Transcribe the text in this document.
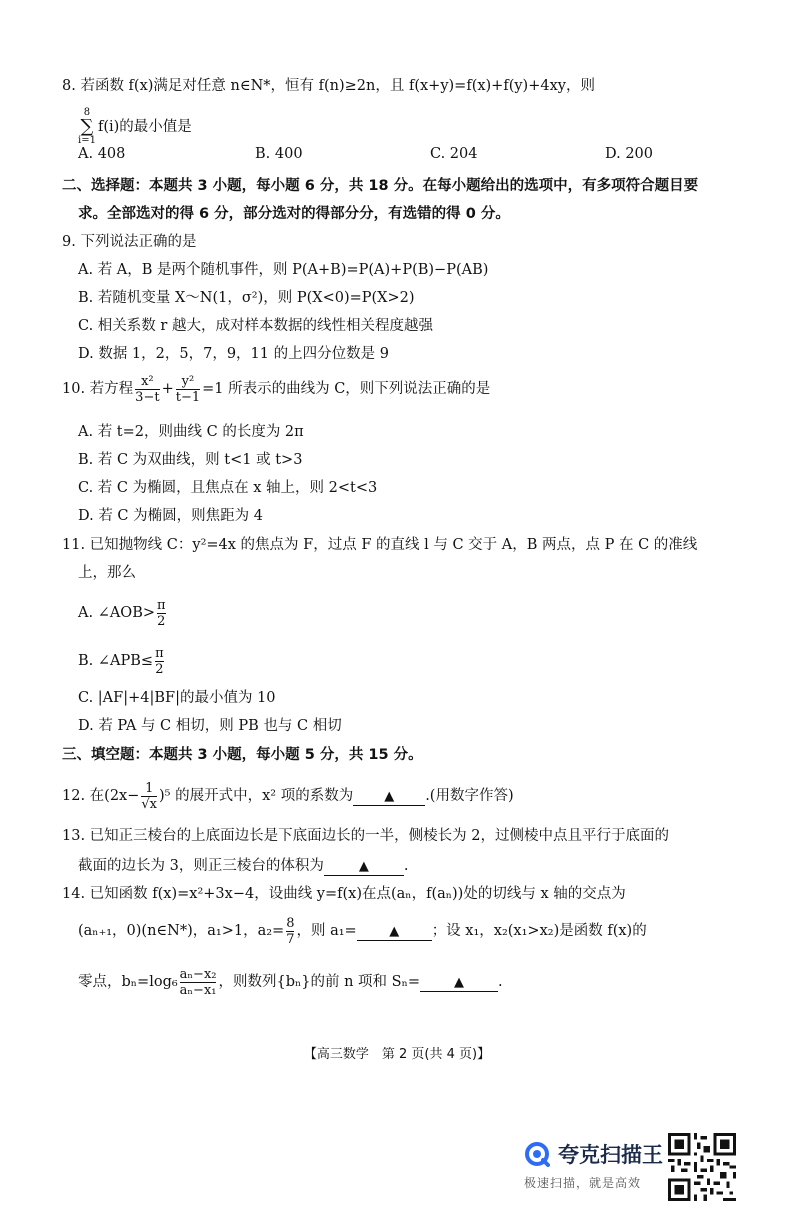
8. 若函数 f(x)满足对任意 n∈N*，恒有 f(n)≥2n，且 f(x+y)=f(x)+f(y)+4xy，则
8
∑
i=1
f(i)的最小值是
A. 408	B. 400	C. 204	D. 200
二、选择题：本题共 3 小题，每小题 6 分，共 18 分。在每小题给出的选项中，有多项符合题目要
求。全部选对的得 6 分，部分选对的得部分分，有选错的得 0 分。
9. 下列说法正确的是
A. 若 A，B 是两个随机事件，则 P(A+B)=P(A)+P(B)−P(AB)
B. 若随机变量 X～N(1，σ²)，则 P(X<0)=P(X>2)
C. 相关系数 r 越大，成对样本数据的线性相关程度越强
D. 数据 1，2，5，7，9，11 的上四分位数是 9
10. 若方程 $\frac{\text{x²}}{3-t} + \frac{\text{y²}}{t-1} =1$ 所表示的曲线为 C，则下列说法正确的是
A. 若 t=2，则曲线 C 的长度为 2π
B. 若 C 为双曲线，则 t<1 或 t>3
C. 若 C 为椭圆，且焦点在 x 轴上，则 2<t<3
D. 若 C 为椭圆，则焦距为 4
11. 已知抛物线 C：y²=4x 的焦点为 F，过点 F 的直线 l 与 C 交于 A，B 两点，点 P 在 C 的准线
上，那么
A. ∠AOB> $\frac{\pi}{2}$
B. ∠APB≤ $\frac{\pi}{2}$
C. |AF|+4|BF|的最小值为 10
D. 若 PA 与 C 相切，则 PB 也与 C 相切
三、填空题：本题共 3 小题，每小题 5 分，共 15 分。
12. 在$(2x- \frac{1}{√x} )^5$ 的展开式中，x² 项的系数为 ▲ .(用数字作答)
13. 已知正三棱台的上底面边长是下底面边长的一半，侧棱长为 2，过侧棱中点且平行于底面的
截面的边长为 3，则正三棱台的体积为	▲ .
14. 已知函数 f(x)=x²+3x−4，设曲线 y=f(x)在点(aₙ，f(aₙ))处的切线与 x 轴的交点为
(aₙ₊₁，0)(n∈N*)，a₁>1，$a_2= \frac{8}{7}$ ，则 a₁=	▲ ；设 x₁，x₂(x₁>x₂)是函数 f(x)的
零点，$b_n=\log_6 \frac{\text{aₙ−x₂}}{\text{aₙ−x₁}}$ ，则数列{bₙ}的前 n 项和 Sₙ=	▲ .
【高三数学　第 2 页(共 4 页)】
夸克扫描王
极速扫描，就是高效
